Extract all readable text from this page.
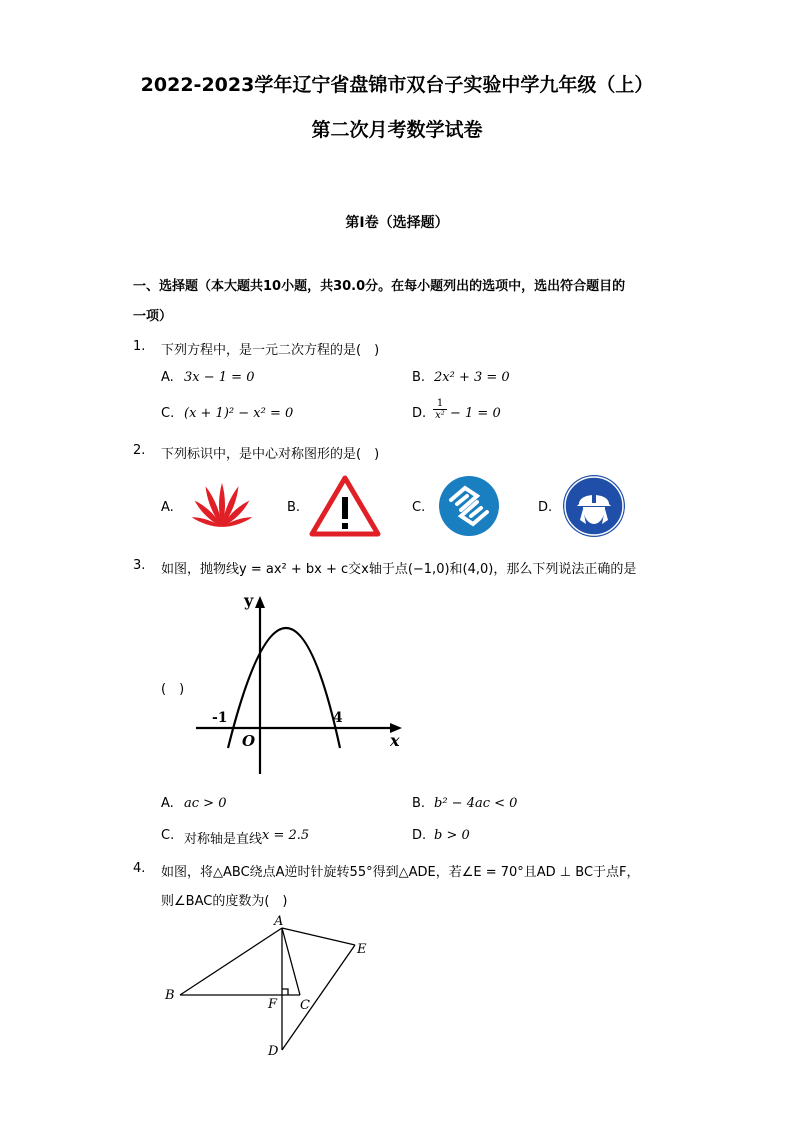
2022-2023学年辽宁省盘锦市双台子实验中学九年级（上）
第二次月考数学试卷
第I卷（选择题）
一、选择题（本大题共10小题，共30.0分。在每小题列出的选项中，选出符合题目的
一项）
1. 下列方程中，是一元二次方程的是(　)
A. 3x − 1 = 0	B. 2x² + 3 = 0
C. (x + 1)² − x² = 0	D. $\frac{1}{\text{x²}} - 1 = 0$
2. 下列标识中，是中心对称图形的是(　)
A.	B.	C.	D.
3. 如图，抛物线y = ax² + bx + c交x轴于点(−1,0)和(4,0)，那么下列说法正确的是
(　)
y
x
O
-1	4
A. ac > 0	B. b² − 4ac < 0
C. 对称轴是直线 x = 2.5	D. b > 0
4. 如图，将△ABC绕点A逆时针旋转55°得到△ADE，若∠E = 70°且AD ⊥ BC于点F，
则∠BAC的度数为(　)
A
B
C
D
E
F
